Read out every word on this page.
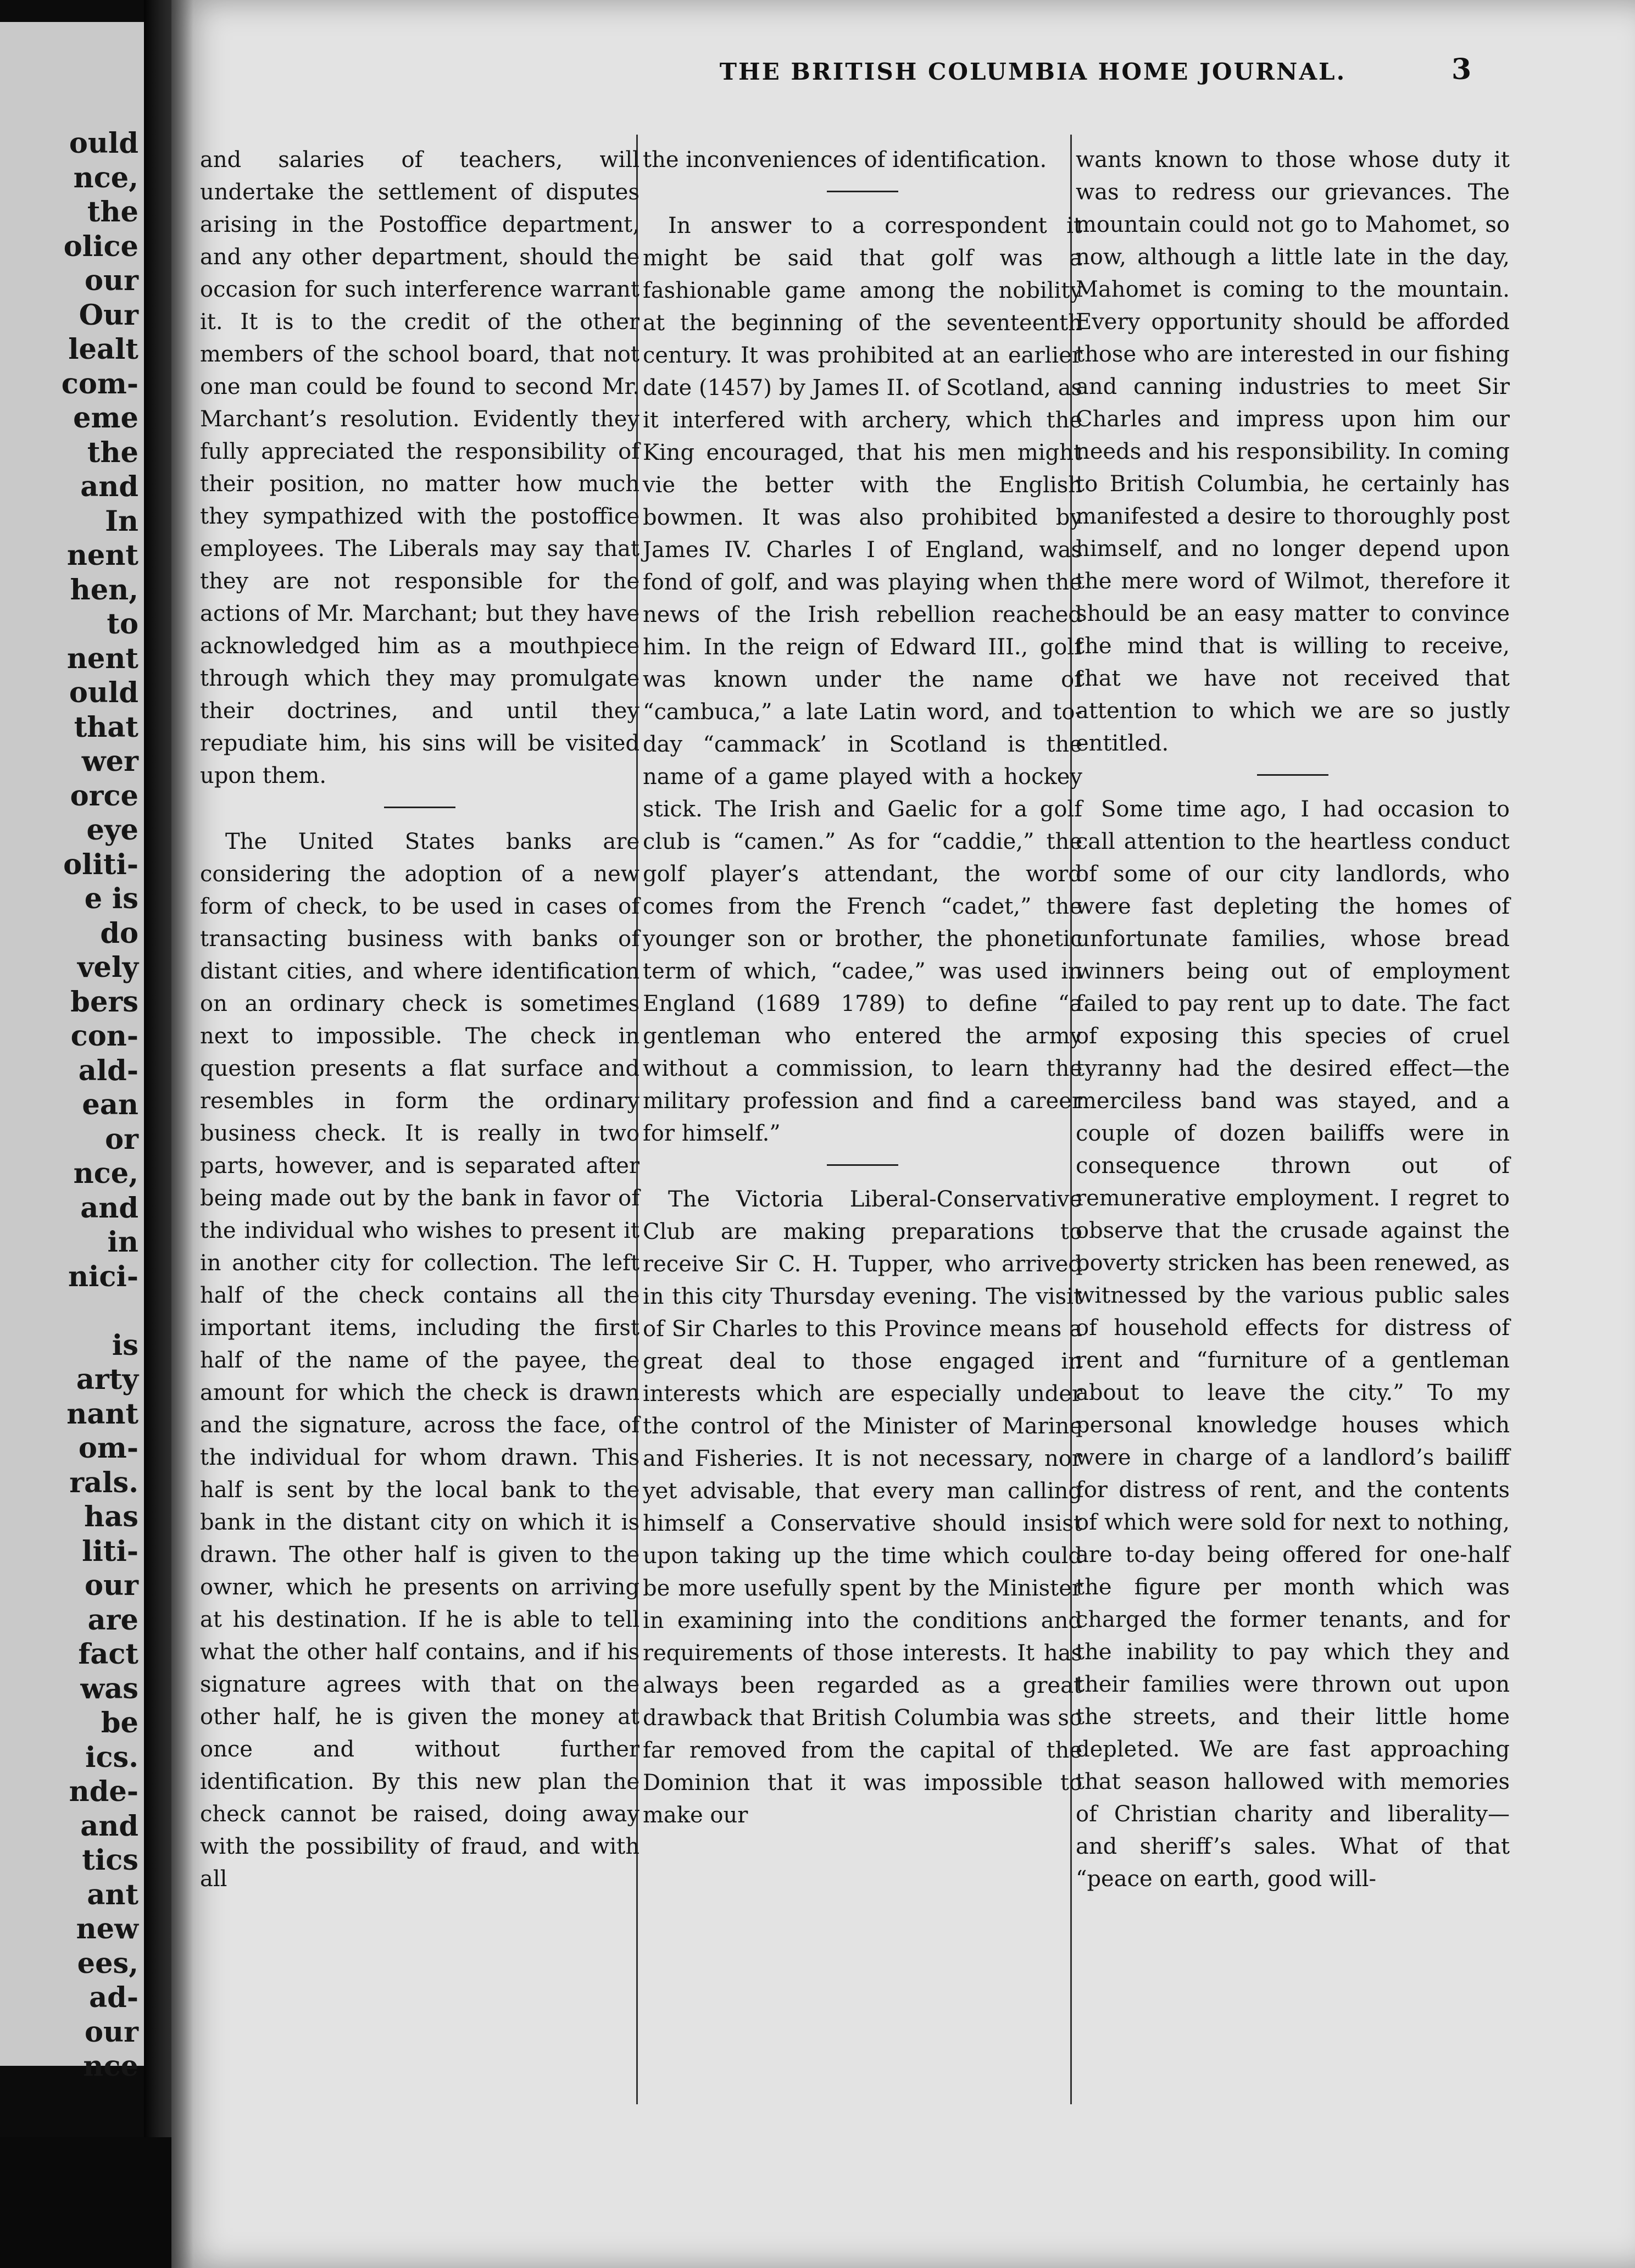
ould
nce,
the
olice
our
Our
lealt
com-
eme
the
and
In
nent
hen,
to
nent
ould
that
wer
orce
eye
oliti-
e is
do
vely
bers
con-
ald-
ean
or
nce,
and
in
nici-
is
arty
nant
om-
rals.
has
liti-
our
are
fact
was
be
ics.
nde-
and
tics
ant
new
ees,
ad-
our
nce
THE BRITISH COLUMBIA HOME JOURNAL.	3

and salaries of teachers, will undertake the settlement of disputes arising in the Postoffice department, and any other department, should the occasion for such interference warrant it. It is to the credit of the other members of the school board, that not one man could be found to second Mr. Marchant’s resolution. Evidently they fully appreciated the responsibility of their position, no matter how much they sympathized with the postoffice employees. The Liberals may say that they are not responsible for the actions of Mr. Marchant; but they have acknowledged him as a mouthpiece through which they may promulgate their doctrines, and until they repudiate him, his sins will be visited upon them.

The United States banks are considering the adoption of a new form of check, to be used in cases of transacting business with banks of distant cities, and where identification on an ordinary check is sometimes next to impossible. The check in question presents a flat surface and resembles in form the ordinary business check. It is really in two parts, however, and is separated after being made out by the bank in favor of the individual who wishes to present it in another city for collection. The left half of the check contains all the important items, including the first half of the name of the payee, the amount for which the check is drawn and the signature, across the face, of the individual for whom drawn. This half is sent by the local bank to the bank in the distant city on which it is drawn. The other half is given to the owner, which he presents on arriving at his destination. If he is able to tell what the other half contains, and if his signature agrees with that on the other half, he is given the money at once and without further identification. By this new plan the check cannot be raised, doing away with the possibility of fraud, and with all

the inconveniences of identification.

In answer to a correspondent it might be said that golf was a fashionable game among the nobility at the beginning of the seventeenth century. It was prohibited at an earlier date (1457) by James II. of Scotland, as it interfered with archery, which the King encouraged, that his men might vie the better with the English bowmen. It was also prohibited by James IV. Charles I of England, was fond of golf, and was playing when the news of the Irish rebellion reached him. In the reign of Edward III., golf was known under the name of “cambuca,” a late Latin word, and to-day “cammack’ in Scotland is the name of a game played with a hockey stick. The Irish and Gaelic for a golf club is “camen.” As for “caddie,” the golf player’s attendant, the word comes from the French “cadet,” the younger son or brother, the phonetic term of which, “cadee,” was used in England (1689 1789) to define “a gentleman who entered the army without a commission, to learn the military profession and find a career for himself.”

The Victoria Liberal-Conservative Club are making preparations to receive Sir C. H. Tupper, who arrived in this city Thursday evening. The visit of Sir Charles to this Province means a great deal to those engaged in interests which are especially under the control of the Minister of Marine and Fisheries. It is not necessary, nor yet advisable, that every man calling himself a Conservative should insist upon taking up the time which could be more usefully spent by the Minister in examining into the conditions and requirements of those interests. It has always been regarded as a great drawback that British Columbia was so far removed from the capital of the Dominion that it was impossible to make our

wants known to those whose duty it was to redress our grievances. The mountain could not go to Mahomet, so now, although a little late in the day, Mahomet is coming to the mountain. Every opportunity should be afforded those who are interested in our fishing and canning industries to meet Sir Charles and impress upon him our needs and his responsibility. In coming to British Columbia, he certainly has manifested a desire to thoroughly post himself, and no longer depend upon the mere word of Wilmot, therefore it should be an easy matter to convince the mind that is willing to receive, that we have not received that attention to which we are so justly entitled.

Some time ago, I had occasion to call attention to the heartless conduct of some of our city landlords, who were fast depleting the homes of unfortunate families, whose bread winners being out of employment failed to pay rent up to date. The fact of exposing this species of cruel tyranny had the desired effect—the merciless band was stayed, and a couple of dozen bailiffs were in consequence thrown out of remunerative employment. I regret to observe that the crusade against the poverty stricken has been renewed, as witnessed by the various public sales of household effects for distress of rent and “furniture of a gentleman about to leave the city.” To my personal knowledge houses which were in charge of a landlord’s bailiff for distress of rent, and the contents of which were sold for next to nothing, are to-day being offered for one-half the figure per month which was charged the former tenants, and for the inability to pay which they and their families were thrown out upon the streets, and their little home depleted. We are fast approaching that season hallowed with memories of Christian charity and liberality—and sheriff’s sales. What of that “peace on earth, good will-
